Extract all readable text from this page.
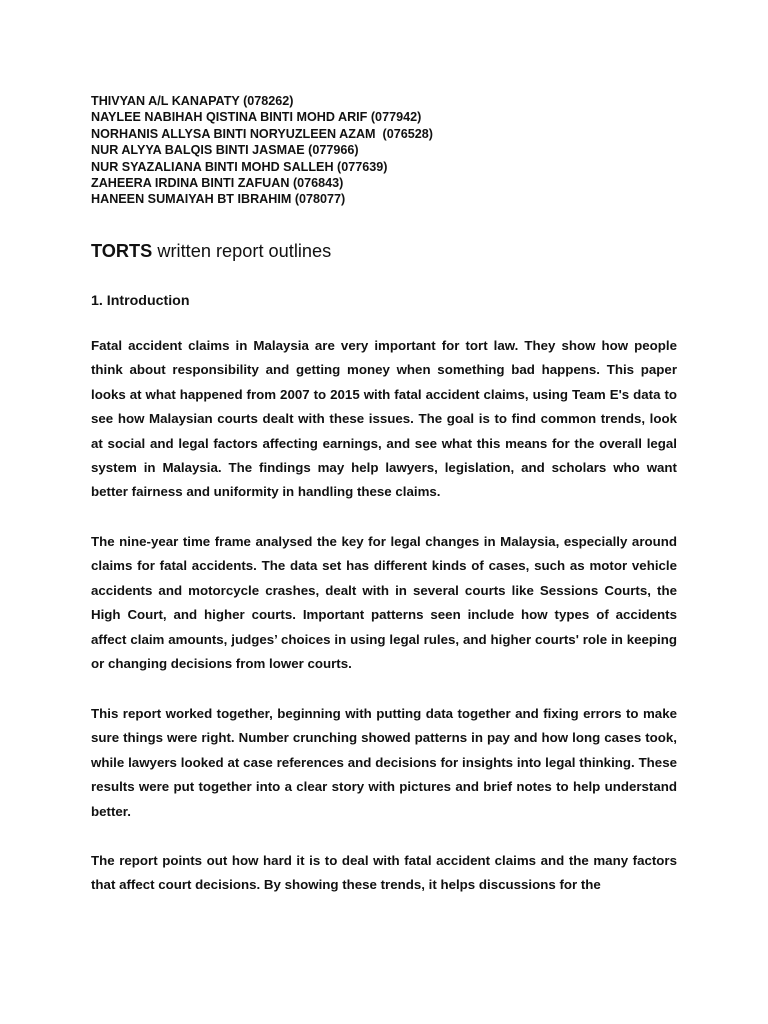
THIVYAN A/L KANAPATY (078262)
NAYLEE NABIHAH QISTINA BINTI MOHD ARIF (077942)
NORHANIS ALLYSA BINTI NORYUZLEEN AZAM  (076528)
NUR ALYYA BALQIS BINTI JASMAE (077966)
NUR SYAZALIANA BINTI MOHD SALLEH (077639)
ZAHEERA IRDINA BINTI ZAFUAN (076843)
HANEEN SUMAIYAH BT IBRAHIM (078077)
TORTS written report outlines
1. Introduction

Fatal accident claims in Malaysia are very important for tort law. They show how people think about responsibility and getting money when something bad happens. This paper looks at what happened from 2007 to 2015 with fatal accident claims, using Team E's data to see how Malaysian courts dealt with these issues. The goal is to find common trends, look at social and legal factors affecting earnings, and see what this means for the overall legal system in Malaysia. The findings may help lawyers, legislation, and scholars who want better fairness and uniformity in handling these claims.

The nine-year time frame analysed the key for legal changes in Malaysia, especially around claims for fatal accidents. The data set has different kinds of cases, such as motor vehicle accidents and motorcycle crashes, dealt with in several courts like Sessions Courts, the High Court, and higher courts. Important patterns seen include how types of accidents affect claim amounts, judges’ choices in using legal rules, and higher courts' role in keeping or changing decisions from lower courts.

This report worked together, beginning with putting data together and fixing errors to make sure things were right. Number crunching showed patterns in pay and how long cases took, while lawyers looked at case references and decisions for insights into legal thinking. These results were put together into a clear story with pictures and brief notes to help understand better.

The report points out how hard it is to deal with fatal accident claims and the many factors that affect court decisions. By showing these trends, it helps discussions for the
